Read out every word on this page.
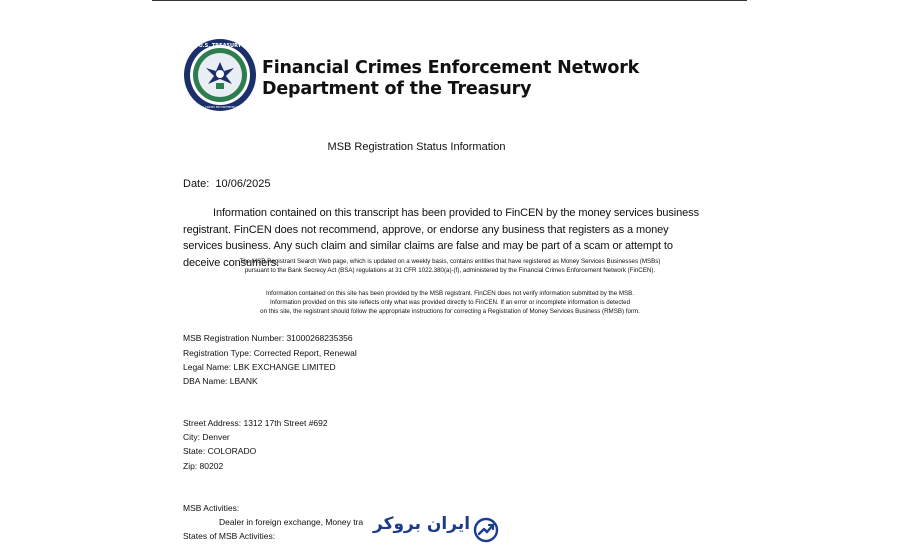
U.S. TREASURY
FINANCIAL CRIMES ENFORCEMENT NETWORK
Financial Crimes Enforcement Network
Department of the Treasury
MSB Registration Status Information
Date: 10/06/2025
Information contained on this transcript has been provided to FinCEN by the money services business registrant. FinCEN does not recommend, approve, or endorse any business that registers as a money services business. Any such claim and similar claims are false and may be part of a scam or attempt to deceive consumers.
The MSB Registrant Search Web page, which is updated on a weekly basis, contains entities that have registered as Money Services Businesses (MSBs)
pursuant to the Bank Secrecy Act (BSA) regulations at 31 CFR 1022.380(a)-(f), administered by the Financial Crimes Enforcement Network (FinCEN).
Information contained on this site has been provided by the MSB registrant. FinCEN does not verify information submitted by the MSB.
Information provided on this site reflects only what was provided directly to FinCEN. If an error or incomplete information is detected
on this site, the registrant should follow the appropriate instructions for correcting a Registration of Money Services Business (RMSB) form.
MSB Registration Number: 31000268235356
Registration Type: Corrected Report, Renewal
Legal Name: LBK EXCHANGE LIMITED
DBA Name: LBANK
Street Address: 1312 17th Street #692
City: Denver
State: COLORADO
Zip: 80202
MSB Activities:
Dealer in foreign exchange, Money tra
States of MSB Activities:
ایران بروکر
